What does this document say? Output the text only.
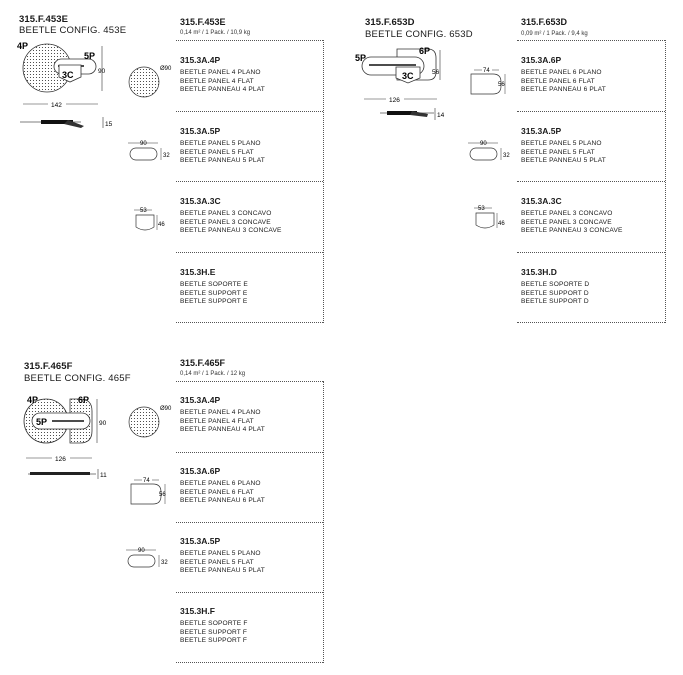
315.F.453E
BEETLE CONFIG. 453E
4P
5P
3C	90
142
15
315.F.453E
0,14 m² / 1 Pack. / 10,9 kg
Ø90
315.3A.4P
BEETLE PANEL 4 PLANO
BEETLE PANEL 4 FLAT
BEETLE PANNEAU 4 PLAT
90
32
315.3A.5P
BEETLE PANEL 5 PLANO
BEETLE PANEL 5 FLAT
BEETLE PANNEAU 5 PLAT
53
46
315.3A.3C
BEETLE PANEL 3 CONCAVO
BEETLE PANEL 3 CONCAVE
BEETLE PANNEAU 3 CONCAVE
315.3H.E
BEETLE SOPORTE E
BEETLE SUPPORT E
BEETLE SUPPORT E
315.F.653D
BEETLE CONFIG. 653D
5P
6P
3C	56
126
14
315.F.653D
0,09 m² / 1 Pack. / 9,4 kg
74
56
315.3A.6P
BEETLE PANEL 6 PLANO
BEETLE PANEL 6 FLAT
BEETLE PANNEAU 6 PLAT
90
32
315.3A.5P
BEETLE PANEL 5 PLANO
BEETLE PANEL 5 FLAT
BEETLE PANNEAU 5 PLAT
53
46
315.3A.3C
BEETLE PANEL 3 CONCAVO
BEETLE PANEL 3 CONCAVE
BEETLE PANNEAU 3 CONCAVE
315.3H.D
BEETLE SOPORTE D
BEETLE SUPPORT D
BEETLE SUPPORT D
315.F.465F
BEETLE CONFIG. 465F
4P	6P
5P	90
126
11
315.F.465F
0,14 m² / 1 Pack. / 12 kg
Ø90
315.3A.4P
BEETLE PANEL 4 PLANO
BEETLE PANEL 4 FLAT
BEETLE PANNEAU 4 PLAT
74
56
315.3A.6P
BEETLE PANEL 6 PLANO
BEETLE PANEL 6 FLAT
BEETLE PANNEAU 6 PLAT
90
32
315.3A.5P
BEETLE PANEL 5 PLANO
BEETLE PANEL 5 FLAT
BEETLE PANNEAU 5 PLAT
315.3H.F
BEETLE SOPORTE F
BEETLE SUPPORT F
BEETLE SUPPORT F
